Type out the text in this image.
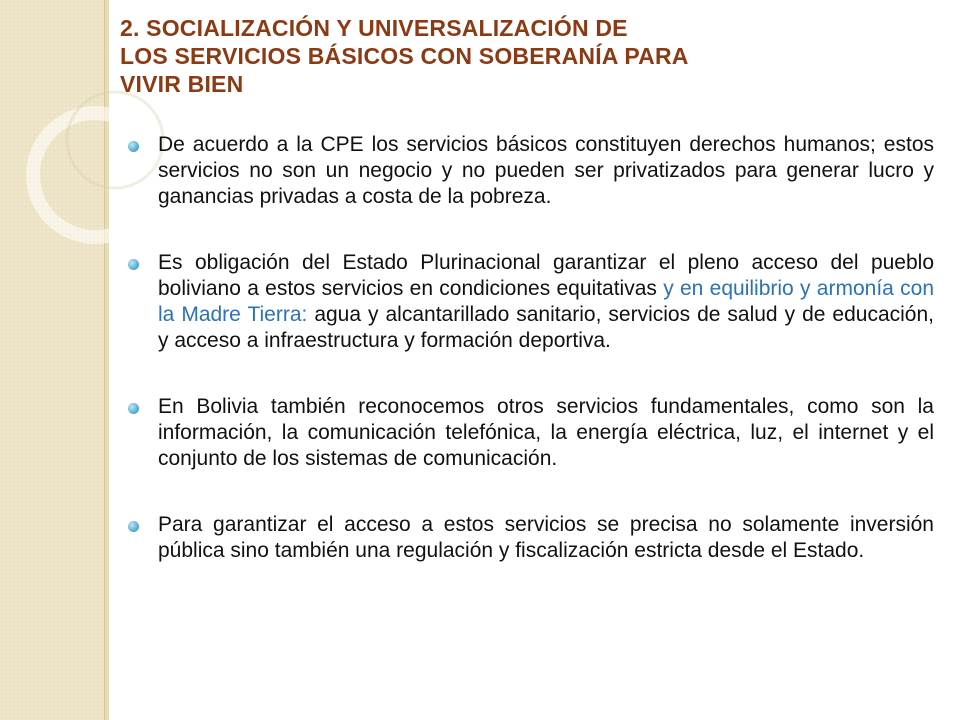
2. SOCIALIZACIÓN Y UNIVERSALIZACIÓN DE
LOS SERVICIOS BÁSICOS CON SOBERANÍA PARA
VIVIR BIEN
De acuerdo a la CPE los servicios básicos constituyen derechos humanos; estos servicios no son un negocio y no pueden ser privatizados para generar lucro y ganancias privadas a costa de la pobreza.
Es obligación del Estado Plurinacional garantizar el pleno acceso del pueblo boliviano a estos servicios en condiciones equitativas y en equilibrio y armonía con la Madre Tierra: agua y alcantarillado sanitario, servicios de salud y de educación, y acceso a infraestructura y formación deportiva.
En Bolivia también reconocemos otros servicios fundamentales, como son la información, la comunicación telefónica, la energía eléctrica, luz, el internet y el conjunto de los sistemas de comunicación.
Para garantizar el acceso a estos servicios se precisa no solamente inversión pública sino también una regulación y fiscalización estricta desde el Estado.
